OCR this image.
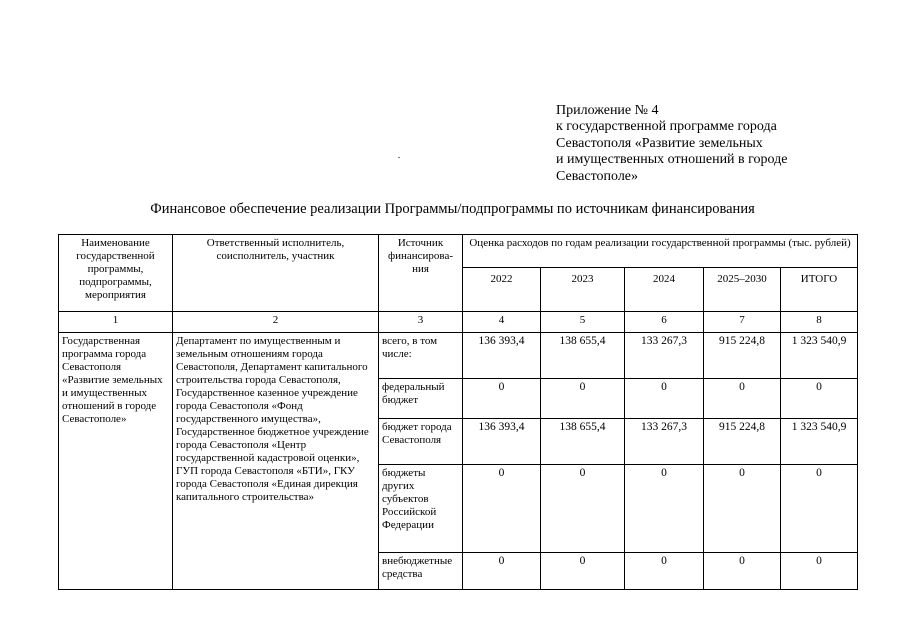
Приложение № 4
к государственной программе города
Севастополя «Развитие земельных
и имущественных отношений в городе
Севастополе»
Финансовое обеспечение реализации Программы/подпрограммы по источникам финансирования
Наименование государственной программы, подпрограммы, мероприятия	Ответственный исполнитель, соисполнитель, участник	Источник финансирова-ния	Оценка расходов по годам реализации государственной программы (тыс. рублей)				
			2022	2023	2024	2025–2030	ИТОГО
1	2	3	4	5	6	7	8
Государственная программа города Севастополя «Развитие земельных и имущественных отношений в городе Севастополе»	Департамент по имущественным и земельным отношениям города Севастополя, Департамент капитального строительства города Севастополя, Государственное казенное учреждение города Севастополя «Фонд государственного имущества», Государственное бюджетное учреждение города Севастополя «Центр государственной кадастровой оценки», ГУП города Севастополя «БТИ», ГКУ города Севастополя «Единая дирекция капитального строительства»	всего, в том числе:	136 393,4	138 655,4	133 267,3	915 224,8	1 323 540,9
		федеральный бюджет	0	0	0	0	0
		бюджет города Севастополя	136 393,4	138 655,4	133 267,3	915 224,8	1 323 540,9
		бюджеты других субъектов Российской Федерации	0	0	0	0	0
		внебюджетные средства	0	0	0	0	0
